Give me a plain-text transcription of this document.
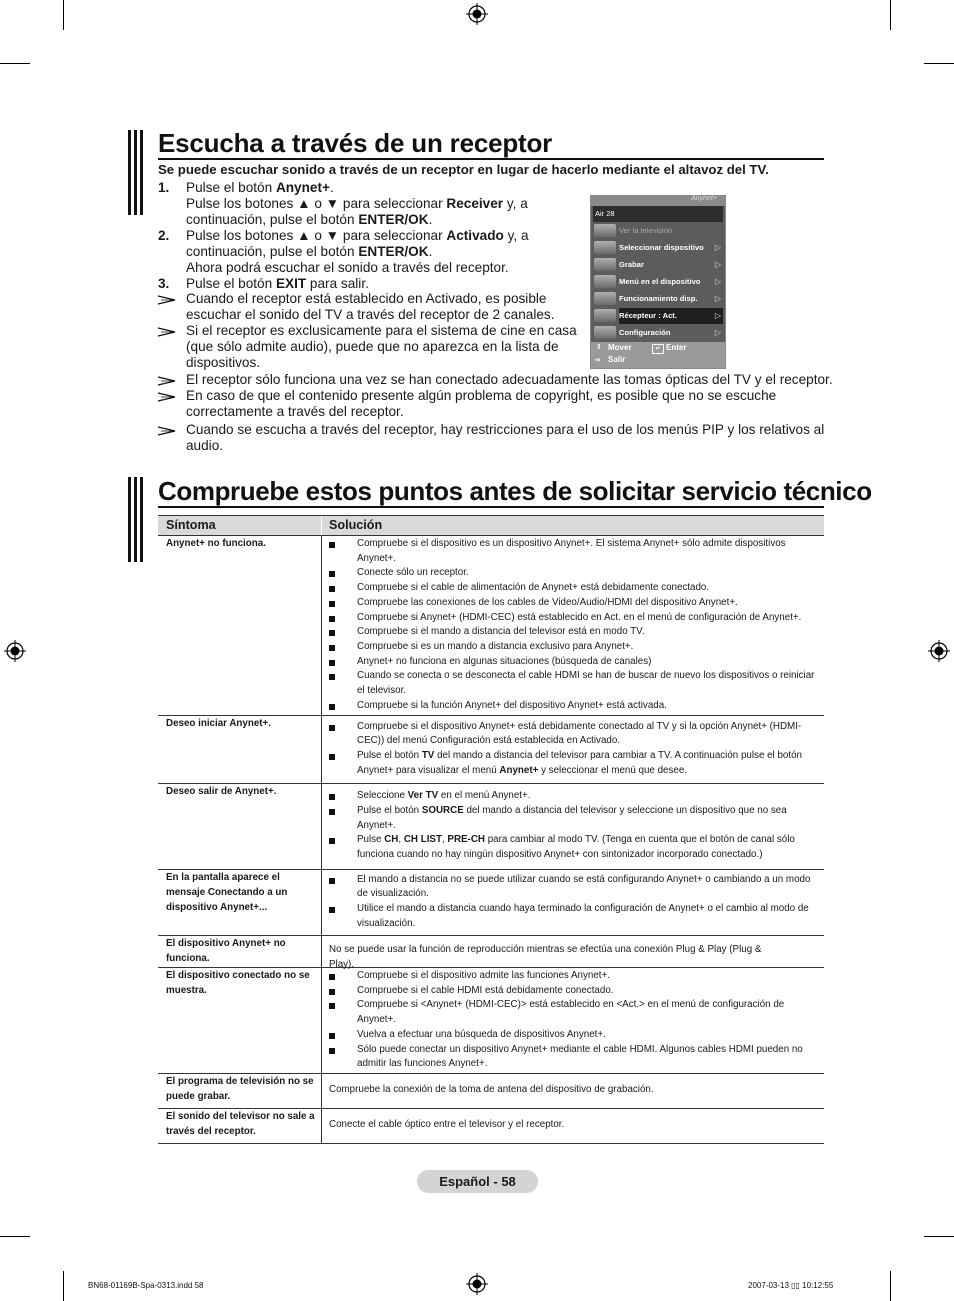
Escucha a través de un receptor
Se puede escuchar sonido a través de un receptor en lugar de hacerlo mediante el altavoz del TV.
1. Pulse el botón Anynet+.
Pulse los botones ▲ o ▼ para seleccionar Receiver y, a
continuación, pulse el botón ENTER/OK.
2. Pulse los botones ▲ o ▼ para seleccionar Activado y, a
continuación, pulse el botón ENTER/OK.
Ahora podrá escuchar el sonido a través del receptor.
3. Pulse el botón EXIT para salir.
Cuando el receptor está establecido en Activado, es posible
escuchar el sonido del TV a través del receptor de 2 canales.
Si el receptor es exclusicamente para el sistema de cine en casa
(que sólo admite audio), puede que no aparezca en la lista de
dispositivos.
El receptor sólo funciona una vez se han conectado adecuadamente las tomas ópticas del TV y el receptor.
En caso de que el contenido presente algún problema de copyright, es posible que no se escuche
correctamente a través del receptor.
Cuando se escucha a través del receptor, hay restricciones para el uso de los menús PIP y los relativos al
audio.
Anynet+
Air 28
Ver la televisión
Seleccionar dispositivo ▷
Grabar	▷
Menú en el dispositivo ▷
Funcionamiento disp. ▷
Récepteur : Act.	▷
Configuración	▷
⇕ Mover	↵ Enter
⇥ Salir
Compruebe estos puntos antes de solicitar servicio técnico
Síntoma	Solución
Anynet+ no funciona.	Compruebe si el dispositivo es un dispositivo Anynet+. El sistema Anynet+ sólo admite dispositivos
Anynet+.
Conecte sólo un receptor.
Compruebe si el cable de alimentación de Anynet+ está debidamente conectado.
Compruebe las conexiones de los cables de Video/Audio/HDMI del dispositivo Anynet+.
Compruebe si Anynet+ (HDMI-CEC) está establecido en Act. en el menú de configuración de Anynet+.
Compruebe si el mando a distancia del televisor está en modo TV.
Compruebe si es un mando a distancia exclusivo para Anynet+.
Anynet+ no funciona en algunas situaciones (búsqueda de canales)
Cuando se conecta o se desconecta el cable HDMI se han de buscar de nuevo los dispositivos o reiniciar
el televisor.
Compruebe si la función Anynet+ del dispositivo Anynet+ está activada.
Deseo iniciar Anynet+.	Compruebe si el dispositivo Anynet+ está debidamente conectado al TV y si la opción Anynet+ (HDMI-
CEC)) del menú Configuración está establecida en Activado.
Pulse el botón TV del mando a distancia del televisor para cambiar a TV. A continuación pulse el botón
Anynet+ para visualizar el menú Anynet+ y seleccionar el menú que desee.
Deseo salir de Anynet+.	Seleccione Ver TV en el menú Anynet+.
Pulse el botón SOURCE del mando a distancia del televisor y seleccione un dispositivo que no sea
Anynet+.
Pulse CH, CH LIST, PRE-CH para cambiar al modo TV. (Tenga en cuenta que el botón de canal sólo
funciona cuando no hay ningún dispositivo Anynet+ con sintonizador incorporado conectado.)
En la pantalla aparece el
mensaje Conectando a un
dispositivo Anynet+...
El mando a distancia no se puede utilizar cuando se está configurando Anynet+ o cambiando a un modo
de visualización.
Utilice el mando a distancia cuando haya terminado la configuración de Anynet+ o el cambio al modo de
visualización.
El dispositivo Anynet+ no
funciona.
No se puede usar la función de reproducción mientras se efectúa una conexión Plug & Play (Plug & Play).
El dispositivo conectado no se
muestra.
Compruebe si el dispositivo admite las funciones Anynet+.
Compruebe si el cable HDMI está debidamente conectado.
Compruebe si <Anynet+ (HDMI-CEC)> está establecido en <Act.> en el menú de configuración de
Anynet+.
Vuelva a efectuar una búsqueda de dispositivos Anynet+.
Sólo puede conectar un dispositivo Anynet+ mediante el cable HDMI. Algunos cables HDMI pueden no
admitir las funciones Anynet+.
El programa de televisión no se
puede grabar.
Compruebe la conexión de la toma de antena del dispositivo de grabación.
El sonido del televisor no sale a
través del receptor.
Conecte el cable óptico entre el televisor y el receptor.
Español - 58
BN68-01169B-Spa-0313.indd 58	2007-03-13 ▯▯ 10:12:55
